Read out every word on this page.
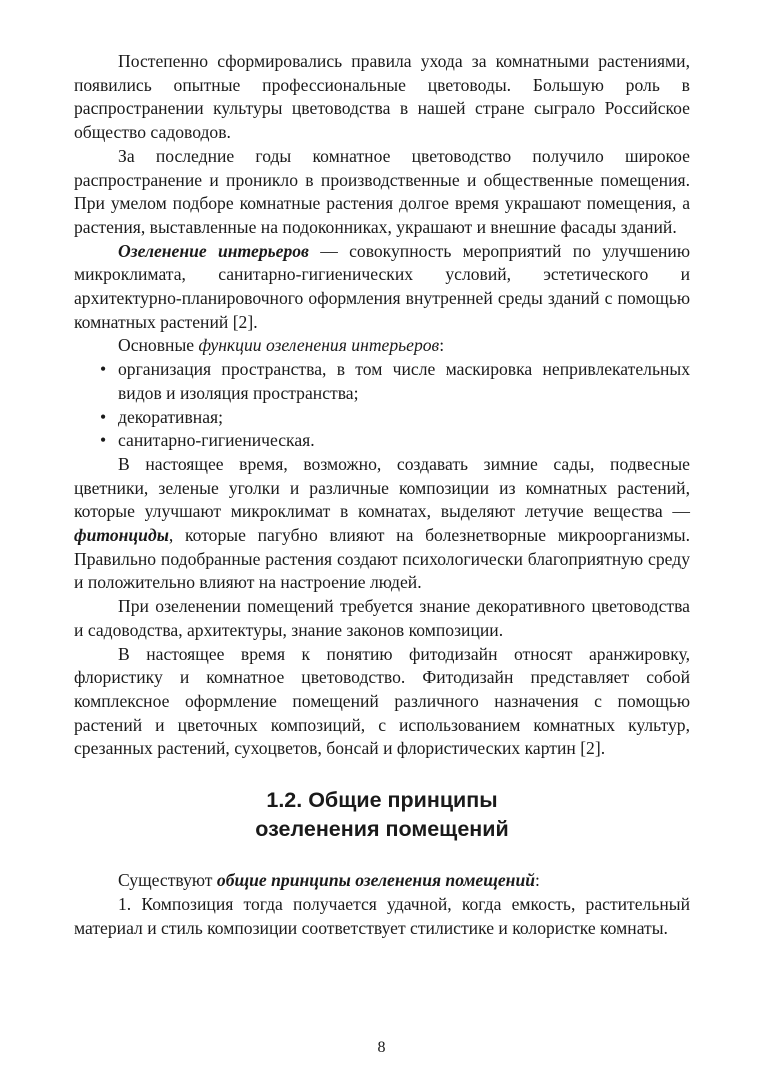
Постепенно сформировались правила ухода за комнатными растениями, появились опытные профессиональные цветоводы. Большую роль в распространении культуры цветоводства в нашей стране сыграло Российское общество садоводов.

За последние годы комнатное цветоводство получило широкое распространение и проникло в производственные и общественные помещения. При умелом подборе комнатные растения долгое время украшают помещения, а растения, выставленные на подоконниках, украшают и внешние фасады зданий.

Озеленение интерьеров — совокупность мероприятий по улучшению микроклимата, санитарно-гигиенических условий, эстетического и архитектурно-планировочного оформления внутренней среды зданий с помощью комнатных растений [2].

Основные функции озеленения интерьеров:

• организация пространства, в том числе маскировка непривлекательных видов и изоляция пространства;

• декоративная;

• санитарно-гигиеническая.

В настоящее время, возможно, создавать зимние сады, подвесные цветники, зеленые уголки и различные композиции из комнатных растений, которые улучшают микроклимат в комнатах, выделяют летучие вещества — фитонциды, которые пагубно влияют на болезнетворные микроорганизмы. Правильно подобранные растения создают психологически благоприятную среду и положительно влияют на настроение людей.

При озеленении помещений требуется знание декоративного цветоводства и садоводства, архитектуры, знание законов композиции.

В настоящее время к понятию фитодизайн относят аранжировку, флористику и комнатное цветоводство. Фитодизайн представляет собой комплексное оформление помещений различного назначения с помощью растений и цветочных композиций, с использованием комнатных культур, срезанных растений, сухоцветов, бонсай и флористических картин [2].

1.2. Общие принципы
озеленения помещений

Существуют общие принципы озеленения помещений:

1. Композиция тогда получается удачной, когда емкость, растительный материал и стиль композиции соответствует стилистике и колористке комнаты.

8
